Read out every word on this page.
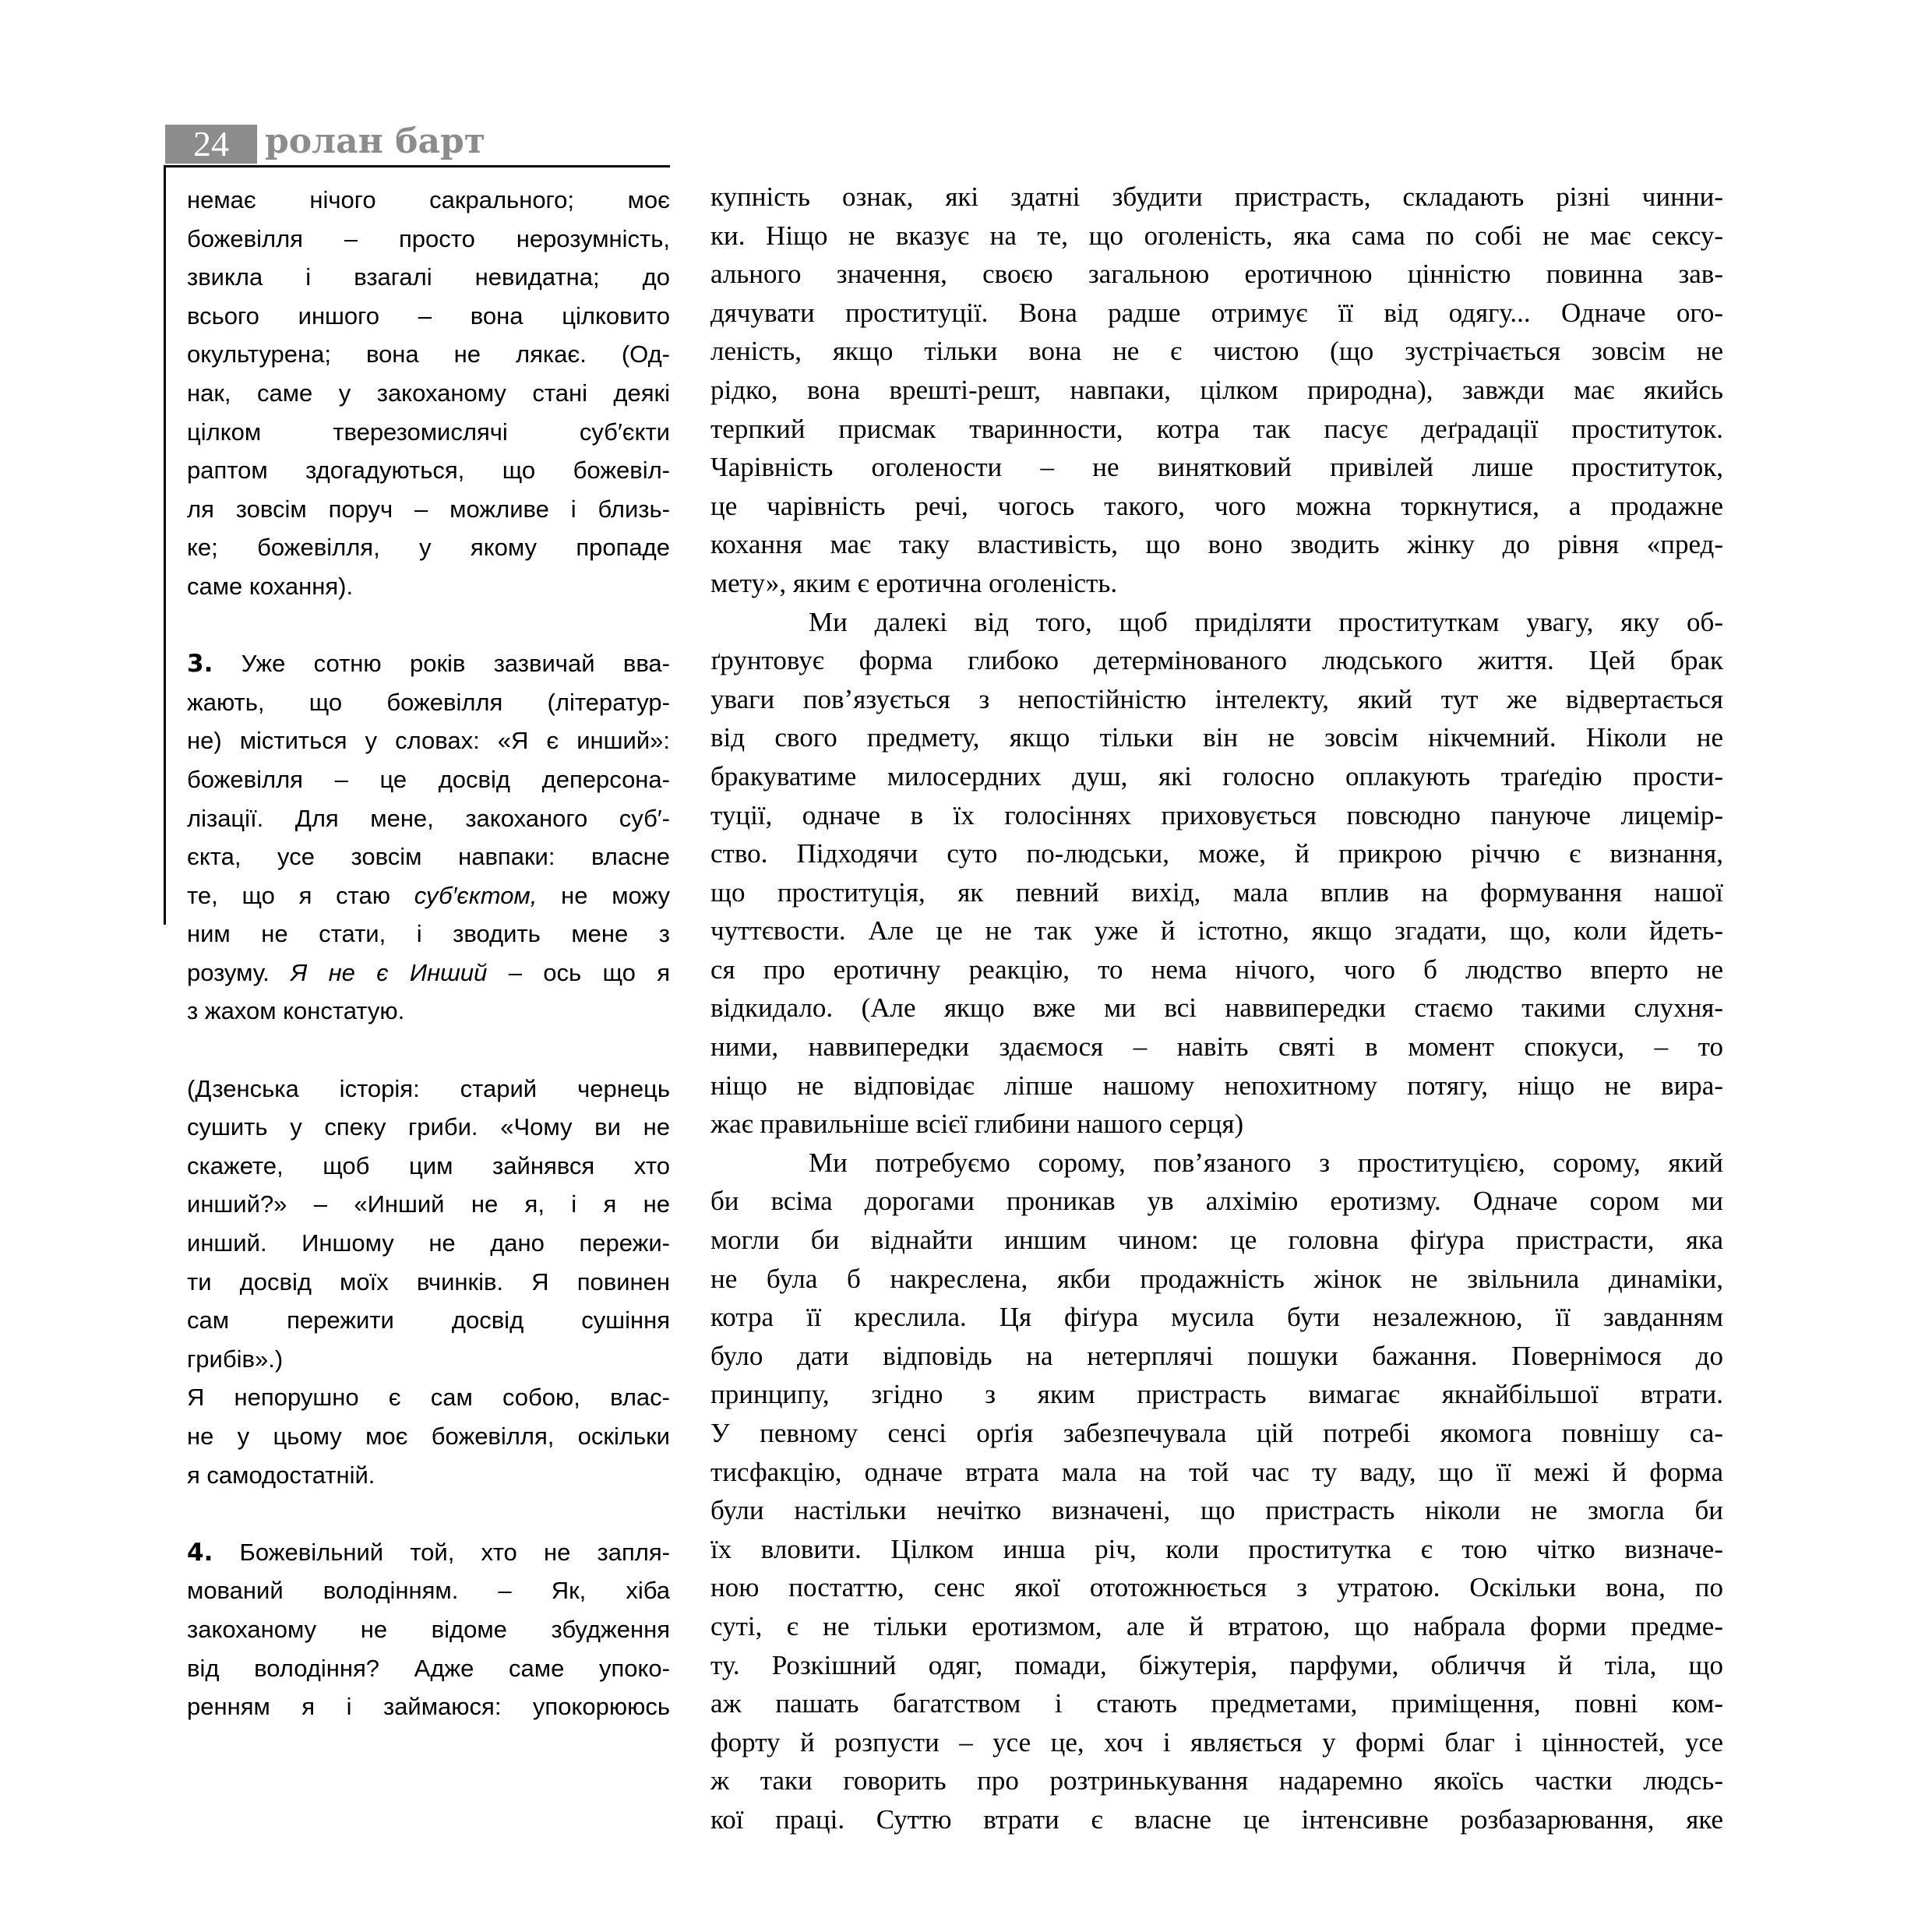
24	ролан барт
немає нічого сакрального; моє
божевілля – просто нерозумність,
звикла і взагалі невидатна; до
всього иншого – вона цілковито
окультурена; вона не лякає. (Од-
нак, саме у закоханому стані деякі
цілком тверезомислячі суб′єкти
раптом здогадуються, що божевіл-
ля зовсім поруч – можливе і близь-
ке; божевілля, у якому пропаде
саме кохання).
3. Уже сотню років зазвичай вва-
жають, що божевілля (літератур-
не) міститься у словах: «Я є инший»:
божевілля – це досвід деперсона-
лізації. Для мене, закоханого суб′-
єкта, усе зовсім навпаки: власне
те, що я стаю суб′єктом, не можу
ним не стати, і зводить мене з
розуму. Я не є Инший – ось що я
з жахом констатую.
(Дзенська історія: старий чернець
сушить у спеку гриби. «Чому ви не
скажете, щоб цим зайнявся хто
инший?» – «Инший не я, і я не
инший. Иншому не дано пережи-
ти досвід моїх вчинків. Я повинен
сам пережити досвід сушіння
грибів».)
Я непорушно є сам собою, влас-
не у цьому моє божевілля, оскільки
я самодостатній.
4. Божевільний той, хто не запля-
мований володінням. – Як, хіба
закоханому не відоме збудження
від володіння? Адже саме упоко-
ренням я і займаюся: упокорююсь
купність ознак, які здатні збудити пристрасть, складають різні чинни-
ки. Ніщо не вказує на те, що оголеність, яка сама по собі не має сексу-
ального значення, своєю загальною еротичною цінністю повинна зав-
дячувати проституції. Вона радше отримує її від одягу... Одначе ого-
леність, якщо тільки вона не є чистою (що зустрічається зовсім не
рідко, вона врешті-решт, навпаки, цілком природна), завжди має якийсь
терпкий присмак тваринности, котра так пасує деґрадації проституток.
Чарівність оголености – не винятковий привілей лише проституток,
це чарівність речі, чогось такого, чого можна торкнутися, а продажне
кохання має таку властивість, що воно зводить жінку до рівня «пред-
мету», яким є еротична оголеність.
Ми далекі від того, щоб приділяти проституткам увагу, яку об-
ґрунтовує форма глибоко детермінованого людського життя. Цей брак
уваги пов’язується з непостійністю інтелекту, який тут же відвертається
від свого предмету, якщо тільки він не зовсім нікчемний. Ніколи не
бракуватиме милосердних душ, які голосно оплакують траґедію прости-
туції, одначе в їх голосіннях приховується повсюдно пануюче лицемір-
ство. Підходячи суто по-людськи, може, й прикрою річчю є визнання,
що проституція, як певний вихід, мала вплив на формування нашої
чуттєвости. Але це не так уже й істотно, якщо згадати, що, коли йдеть-
ся про еротичну реакцію, то нема нічого, чого б людство вперто не
відкидало. (Але якщо вже ми всі наввипередки стаємо такими слухня-
ними, наввипередки здаємося – навіть святі в момент спокуси, – то
ніщо не відповідає ліпше нашому непохитному потягу, ніщо не вира-
жає правильніше всієї глибини нашого серця)
Ми потребуємо сорому, пов’язаного з проституцією, сорому, який
би всіма дорогами проникав ув алхімію еротизму. Одначе сором ми
могли би віднайти иншим чином: це головна фіґура пристрасти, яка
не була б накреслена, якби продажність жінок не звільнила динаміки,
котра її креслила. Ця фіґура мусила бути незалежною, її завданням
було дати відповідь на нетерплячі пошуки бажання. Повернімося до
принципу, згідно з яким пристрасть вимагає якнайбільшої втрати.
У певному сенсі орґія забезпечувала цій потребі якомога повнішу са-
тисфакцію, одначе втрата мала на той час ту ваду, що її межі й форма
були настільки нечітко визначені, що пристрасть ніколи не змогла би
їх вловити. Цілком инша річ, коли проститутка є тою чітко визначе-
ною постаттю, сенс якої ототожнюється з утратою. Оскільки вона, по
суті, є не тільки еротизмом, але й втратою, що набрала форми предме-
ту. Розкішний одяг, помади, біжутерія, парфуми, обличчя й тіла, що
аж пашать багатством і стають предметами, приміщення, повні ком-
форту й розпусти – усе це, хоч і являється у формі благ і цінностей, усе
ж таки говорить про розтринькування надаремно якоїсь частки людсь-
кої праці. Суттю втрати є власне це інтенсивне розбазарювання, яке
